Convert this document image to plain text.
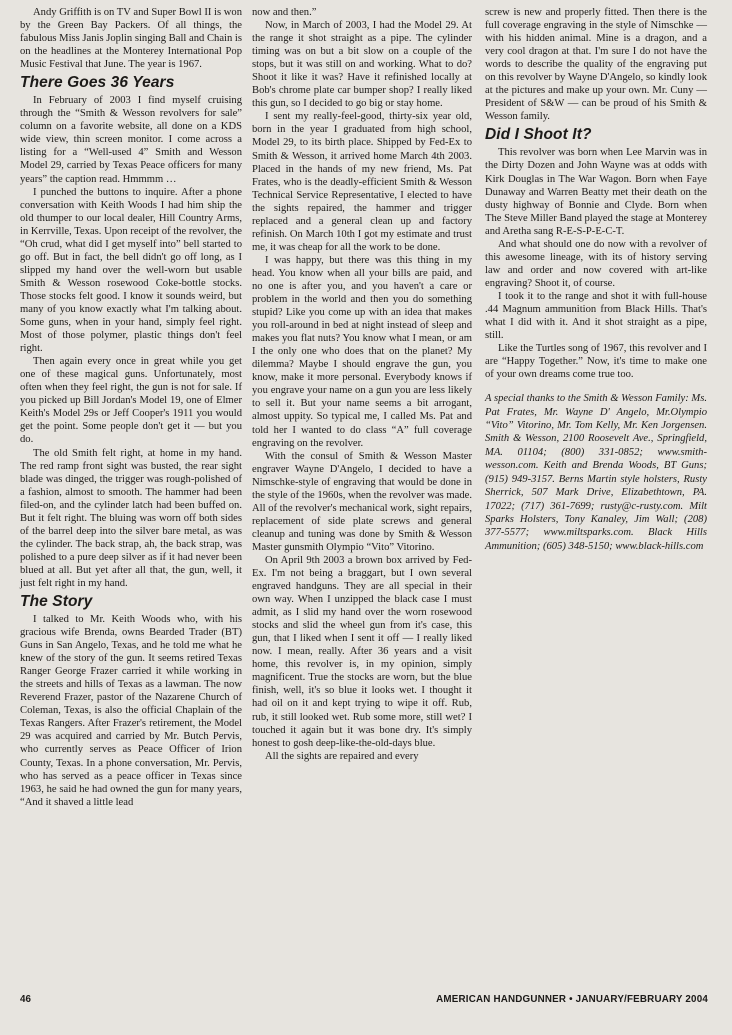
Andy Griffith is on TV and Super Bowl II is won by the Green Bay Packers. Of all things, the fabulous Miss Janis Joplin singing Ball and Chain is on the headlines at the Monterey International Pop Music Festival that June. The year is 1967.

There Goes 36 Years

In February of 2003 I find myself cruising through the “Smith & Wesson revolvers for sale” column on a favorite website, all done on a KDS wide view, thin screen monitor. I come across a listing for a “Well-used 4” Smith and Wesson Model 29, carried by Texas Peace officers for many years” the caption read. Hmmmm …

I punched the buttons to inquire. After a phone conversation with Keith Woods I had him ship the old thumper to our local dealer, Hill Country Arms, in Kerrville, Texas. Upon receipt of the revolver, the “Oh crud, what did I get myself into” bell started to go off. But in fact, the bell didn't go off long, as I slipped my hand over the well-worn but usable Smith & Wesson rosewood Coke-bottle stocks. Those stocks felt good. I know it sounds weird, but many of you know exactly what I'm talking about. Some guns, when in your hand, simply feel right. Most of those polymer, plastic things don't feel right.

Then again every once in great while you get one of these magical guns. Unfortunately, most often when they feel right, the gun is not for sale. If you picked up Bill Jordan's Model 19, one of Elmer Keith's Model 29s or Jeff Cooper's 1911 you would get the point. Some people don't get it — but you do.

The old Smith felt right, at home in my hand. The red ramp front sight was busted, the rear sight blade was dinged, the trigger was rough-polished of a fashion, almost to smooth. The hammer had been filed-on, and the cylinder latch had been buffed on. But it felt right. The bluing was worn off both sides of the barrel deep into the silver bare metal, as was the cylinder. The back strap, ah, the back strap, was polished to a pure deep silver as if it had never been blued at all. But yet after all that, the gun, well, it just felt right in my hand.

The Story

I talked to Mr. Keith Woods who, with his gracious wife Brenda, owns Bearded Trader (BT) Guns in San Angelo, Texas, and he told me what he knew of the story of the gun. It seems retired Texas Ranger George Frazer carried it while working in the streets and hills of Texas as a lawman. The now Reverend Frazer, pastor of the Nazarene Church of Coleman, Texas, is also the official Chaplain of the Texas Rangers. After Frazer's retirement, the Model 29 was acquired and carried by Mr. Butch Pervis, who currently serves as Peace Officer of Irion County, Texas. In a phone conversation, Mr. Pervis, who has served as a peace officer in Texas since 1963, he said he had owned the gun for many years, “And it shaved a little lead

now and then.”

Now, in March of 2003, I had the Model 29. At the range it shot straight as a pipe. The cylinder timing was on but a bit slow on a couple of the stops, but it was still on and working. What to do? Shoot it like it was? Have it refinished locally at Bob's chrome plate car bumper shop? I really liked this gun, so I decided to go big or stay home.

I sent my really-feel-good, thirty-six year old, born in the year I graduated from high school, Model 29, to its birth place. Shipped by Fed-Ex to Smith & Wesson, it arrived home March 4th 2003. Placed in the hands of my new friend, Ms. Pat Frates, who is the deadly-efficient Smith & Wesson Technical Service Representative, I elected to have the sights repaired, the hammer and trigger replaced and a general clean up and factory refinish. On March 10th I got my estimate and trust me, it was cheap for all the work to be done.

I was happy, but there was this thing in my head. You know when all your bills are paid, and no one is after you, and you haven't a care or problem in the world and then you do something stupid? Like you come up with an idea that makes you roll-around in bed at night instead of sleep and makes you flat nuts? You know what I mean, or am I the only one who does that on the planet? My dilemma? Maybe I should engrave the gun, you know, make it more personal. Everybody knows if you engrave your name on a gun you are less likely to sell it. But your name seems a bit arrogant, almost uppity. So typical me, I called Ms. Pat and told her I wanted to do class “A” full coverage engraving on the revolver.

With the consul of Smith & Wesson Master engraver Wayne D'Angelo, I decided to have a Nimschke-style of engraving that would be done in the style of the 1960s, when the revolver was made. All of the revolver's mechanical work, sight repairs, replacement of side plate screws and general cleanup and tuning was done by Smith & Wesson Master gunsmith Olympio “Vito” Vitorino.

On April 9th 2003 a brown box arrived by Fed-Ex. I'm not being a braggart, but I own several engraved handguns. They are all special in their own way. When I unzipped the black case I must admit, as I slid my hand over the worn rosewood stocks and slid the wheel gun from it's case, this gun, that I liked when I sent it off — I really liked now. I mean, really. After 36 years and a visit home, this revolver is, in my opinion, simply magnificent. True the stocks are worn, but the blue finish, well, it's so blue it looks wet. I thought it had oil on it and kept trying to wipe it off. Rub, rub, it still looked wet. Rub some more, still wet? I touched it again but it was bone dry. It's simply honest to gosh deep-like-the-old-days blue.

All the sights are repaired and every

screw is new and properly fitted. Then there is the full coverage engraving in the style of Nimschke — with his hidden animal. Mine is a dragon, and a very cool dragon at that. I'm sure I do not have the words to describe the quality of the engraving put on this revolver by Wayne D'Angelo, so kindly look at the pictures and make up your own. Mr. Cuny — President of S&W — can be proud of his Smith & Wesson family.

Did I Shoot It?

This revolver was born when Lee Marvin was in the Dirty Dozen and John Wayne was at odds with Kirk Douglas in The War Wagon. Born when Faye Dunaway and Warren Beatty met their death on the dusty highway of Bonnie and Clyde. Born when The Steve Miller Band played the stage at Monterey and Aretha sang R-E-S-P-E-C-T.

And what should one do now with a revolver of this awesome lineage, with its of history serving law and order and now covered with art-like engraving? Shoot it, of course.

I took it to the range and shot it with full-house .44 Magnum ammunition from Black Hills. That's what I did with it. And it shot straight as a pipe, still.

Like the Turtles song of 1967, this revolver and I are “Happy Together.” Now, it's time to make one of your own dreams come true too.

A special thanks to the Smith & Wesson Family: Ms. Pat Frates, Mr. Wayne D' Angelo, Mr.Olympio “Vito” Vitorino, Mr. Tom Kelly, Mr. Ken Jorgensen. Smith & Wesson, 2100 Roosevelt Ave., Springfield, MA. 01104; (800) 331-0852; www.smith-wesson.com. Keith and Brenda Woods, BT Guns; (915) 949-3157. Berns Martin style holsters, Rusty Sherrick, 507 Mark Drive, Elizabethtown, PA. 17022; (717) 361-7699; rusty@c-rusty.com. Milt Sparks Holsters, Tony Kanaley, Jim Wall; (208) 377-5577; www.miltsparks.com. Black Hills Ammunition; (605) 348-5150; www.black-hills.com

46	AMERICAN HANDGUNNER • JANUARY/FEBRUARY 2004
